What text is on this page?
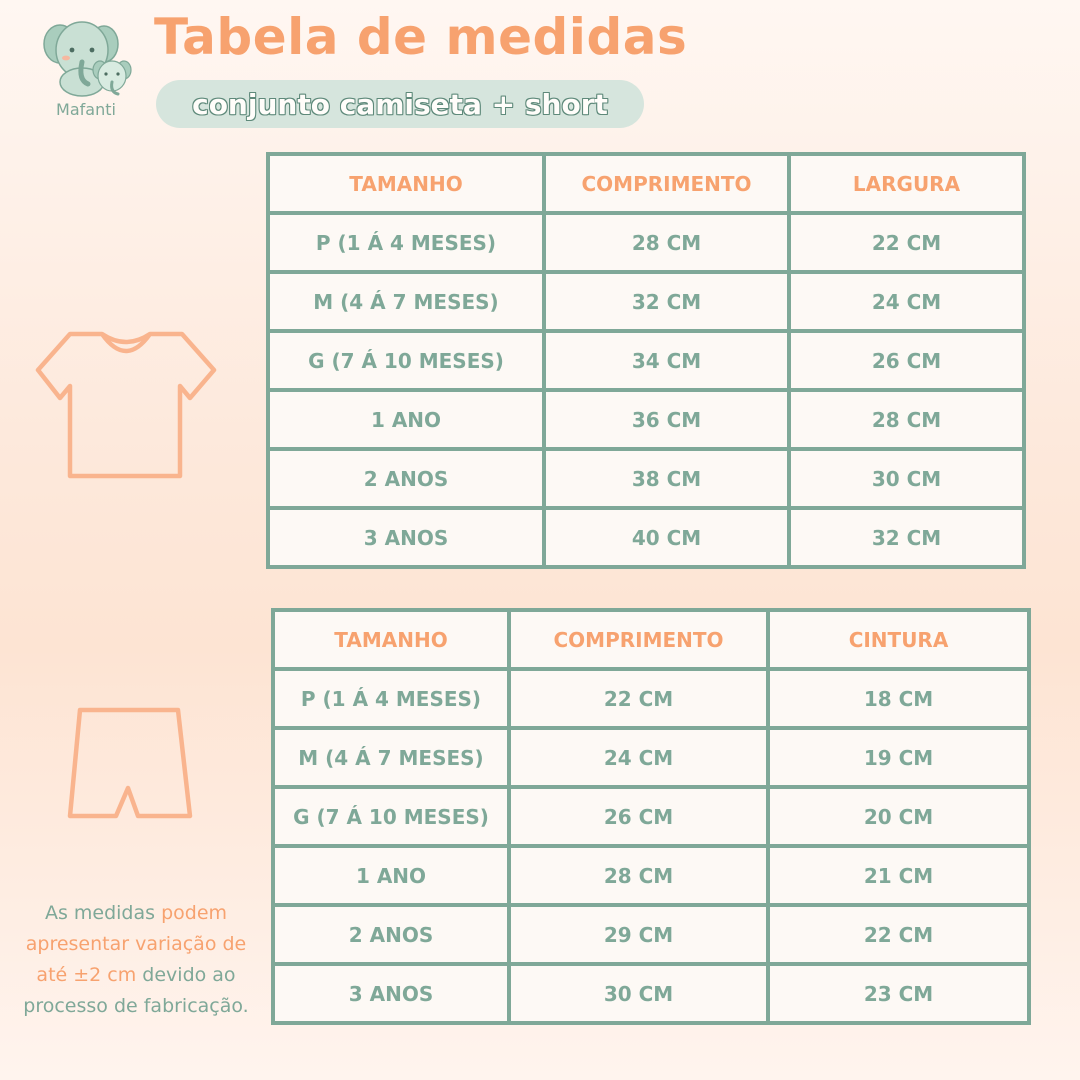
Mafanti
Tabela de medidas
conjunto camiseta + short
TAMANHO	COMPRIMENTO	LARGURA
P (1 Á 4 MESES)	28 CM	22 CM
M (4 Á 7 MESES)	32 CM	24 CM
G (7 Á 10 MESES)	34 CM	26 CM
1 ANO	36 CM	28 CM
2 ANOS	38 CM	30 CM
3 ANOS	40 CM	32 CM
TAMANHO	COMPRIMENTO	CINTURA
P (1 Á 4 MESES)	22 CM	18 CM
M (4 Á 7 MESES)	24 CM	19 CM
G (7 Á 10 MESES)	26 CM	20 CM
1 ANO	28 CM	21 CM
2 ANOS	29 CM	22 CM
3 ANOS	30 CM	23 CM

As medidas podem apresentar variação de até ±2 cm devido ao processo de fabricação.
